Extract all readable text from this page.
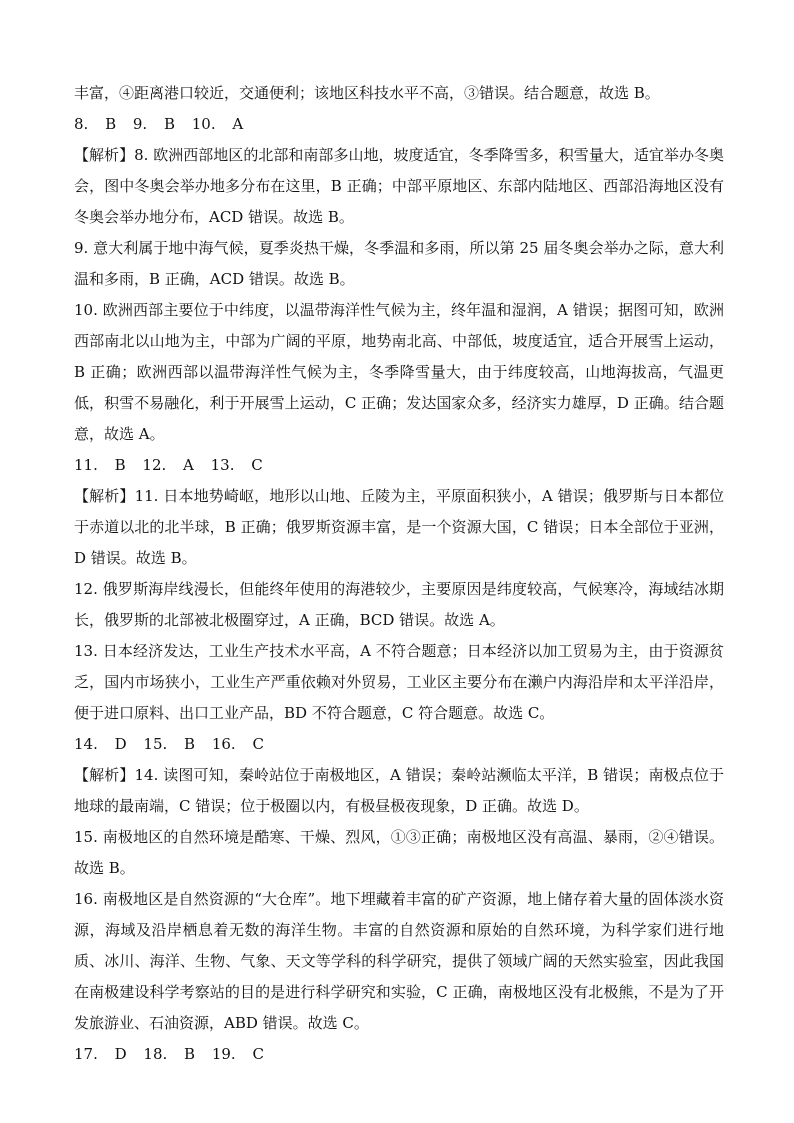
丰富，④距离港口较近，交通便利；该地区科技水平不高，③错误。结合题意，故选 B。

8. B 9. B 10. A

【解析】8. 欧洲西部地区的北部和南部多山地，坡度适宜，冬季降雪多，积雪量大，适宜举办冬奥会，图中冬奥会举办地多分布在这里，B 正确；中部平原地区、东部内陆地区、西部沿海地区没有冬奥会举办地分布，ACD 错误。故选 B。

9. 意大利属于地中海气候，夏季炎热干燥，冬季温和多雨，所以第 25 届冬奥会举办之际，意大利温和多雨，B 正确，ACD 错误。故选 B。

10. 欧洲西部主要位于中纬度，以温带海洋性气候为主，终年温和湿润，A 错误；据图可知，欧洲西部南北以山地为主，中部为广阔的平原，地势南北高、中部低，坡度适宜，适合开展雪上运动，B 正确；欧洲西部以温带海洋性气候为主，冬季降雪量大，由于纬度较高，山地海拔高，气温更低，积雪不易融化，利于开展雪上运动，C 正确；发达国家众多，经济实力雄厚，D 正确。结合题意，故选 A。

11. B 12. A 13. C

【解析】11. 日本地势崎岖，地形以山地、丘陵为主，平原面积狭小，A 错误；俄罗斯与日本都位于赤道以北的北半球，B 正确；俄罗斯资源丰富，是一个资源大国，C 错误；日本全部位于亚洲，D 错误。故选 B。

12. 俄罗斯海岸线漫长，但能终年使用的海港较少，主要原因是纬度较高，气候寒冷，海域结冰期长，俄罗斯的北部被北极圈穿过，A 正确，BCD 错误。故选 A。

13. 日本经济发达，工业生产技术水平高，A 不符合题意；日本经济以加工贸易为主，由于资源贫乏，国内市场狭小，工业生产严重依赖对外贸易，工业区主要分布在濑户内海沿岸和太平洋沿岸，便于进口原料、出口工业产品，BD 不符合题意，C 符合题意。故选 C。

14. D 15. B 16. C

【解析】14. 读图可知，秦岭站位于南极地区，A 错误；秦岭站濒临太平洋，B 错误；南极点位于地球的最南端，C 错误；位于极圈以内，有极昼极夜现象，D 正确。故选 D。

15. 南极地区的自然环境是酷寒、干燥、烈风，①③正确；南极地区没有高温、暴雨，②④错误。故选 B。

16. 南极地区是自然资源的“大仓库”。地下埋藏着丰富的矿产资源，地上储存着大量的固体淡水资源，海域及沿岸栖息着无数的海洋生物。丰富的自然资源和原始的自然环境，为科学家们进行地质、冰川、海洋、生物、气象、天文等学科的科学研究，提供了领域广阔的天然实验室，因此我国在南极建设科学考察站的目的是进行科学研究和实验，C 正确，南极地区没有北极熊，不是为了开发旅游业、石油资源，ABD 错误。故选 C。

17. D 18. B 19. C
